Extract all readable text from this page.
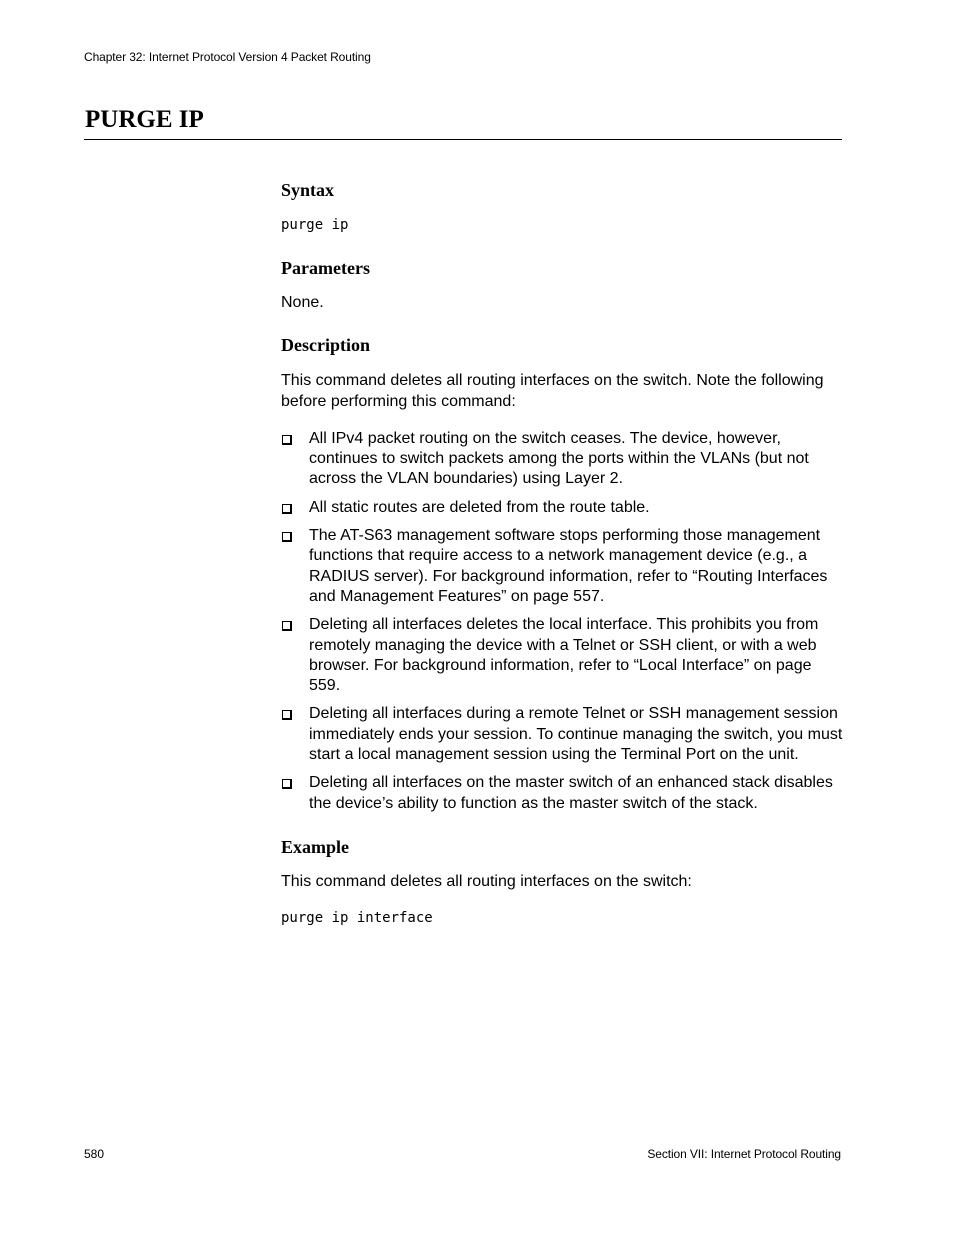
Chapter 32: Internet Protocol Version 4 Packet Routing
PURGE IP
Syntax
purge ip
Parameters

None.

Description

This command deletes all routing interfaces on the switch. Note the following before performing this command:

All IPv4 packet routing on the switch ceases. The device, however, continues to switch packets among the ports within the VLANs (but not across the VLAN boundaries) using Layer 2.
All static routes are deleted from the route table.
The AT-S63 management software stops performing those management functions that require access to a network management device (e.g., a RADIUS server). For background information, refer to “Routing Interfaces and Management Features” on page 557.
Deleting all interfaces deletes the local interface. This prohibits you from remotely managing the device with a Telnet or SSH client, or with a web browser. For background information, refer to “Local Interface” on page 559.
Deleting all interfaces during a remote Telnet or SSH management session immediately ends your session. To continue managing the switch, you must start a local management session using the Terminal Port on the unit.
Deleting all interfaces on the master switch of an enhanced stack disables the device’s ability to function as the master switch of the stack.
Example

This command deletes all routing interfaces on the switch:

purge ip interface
580	Section VII: Internet Protocol Routing
